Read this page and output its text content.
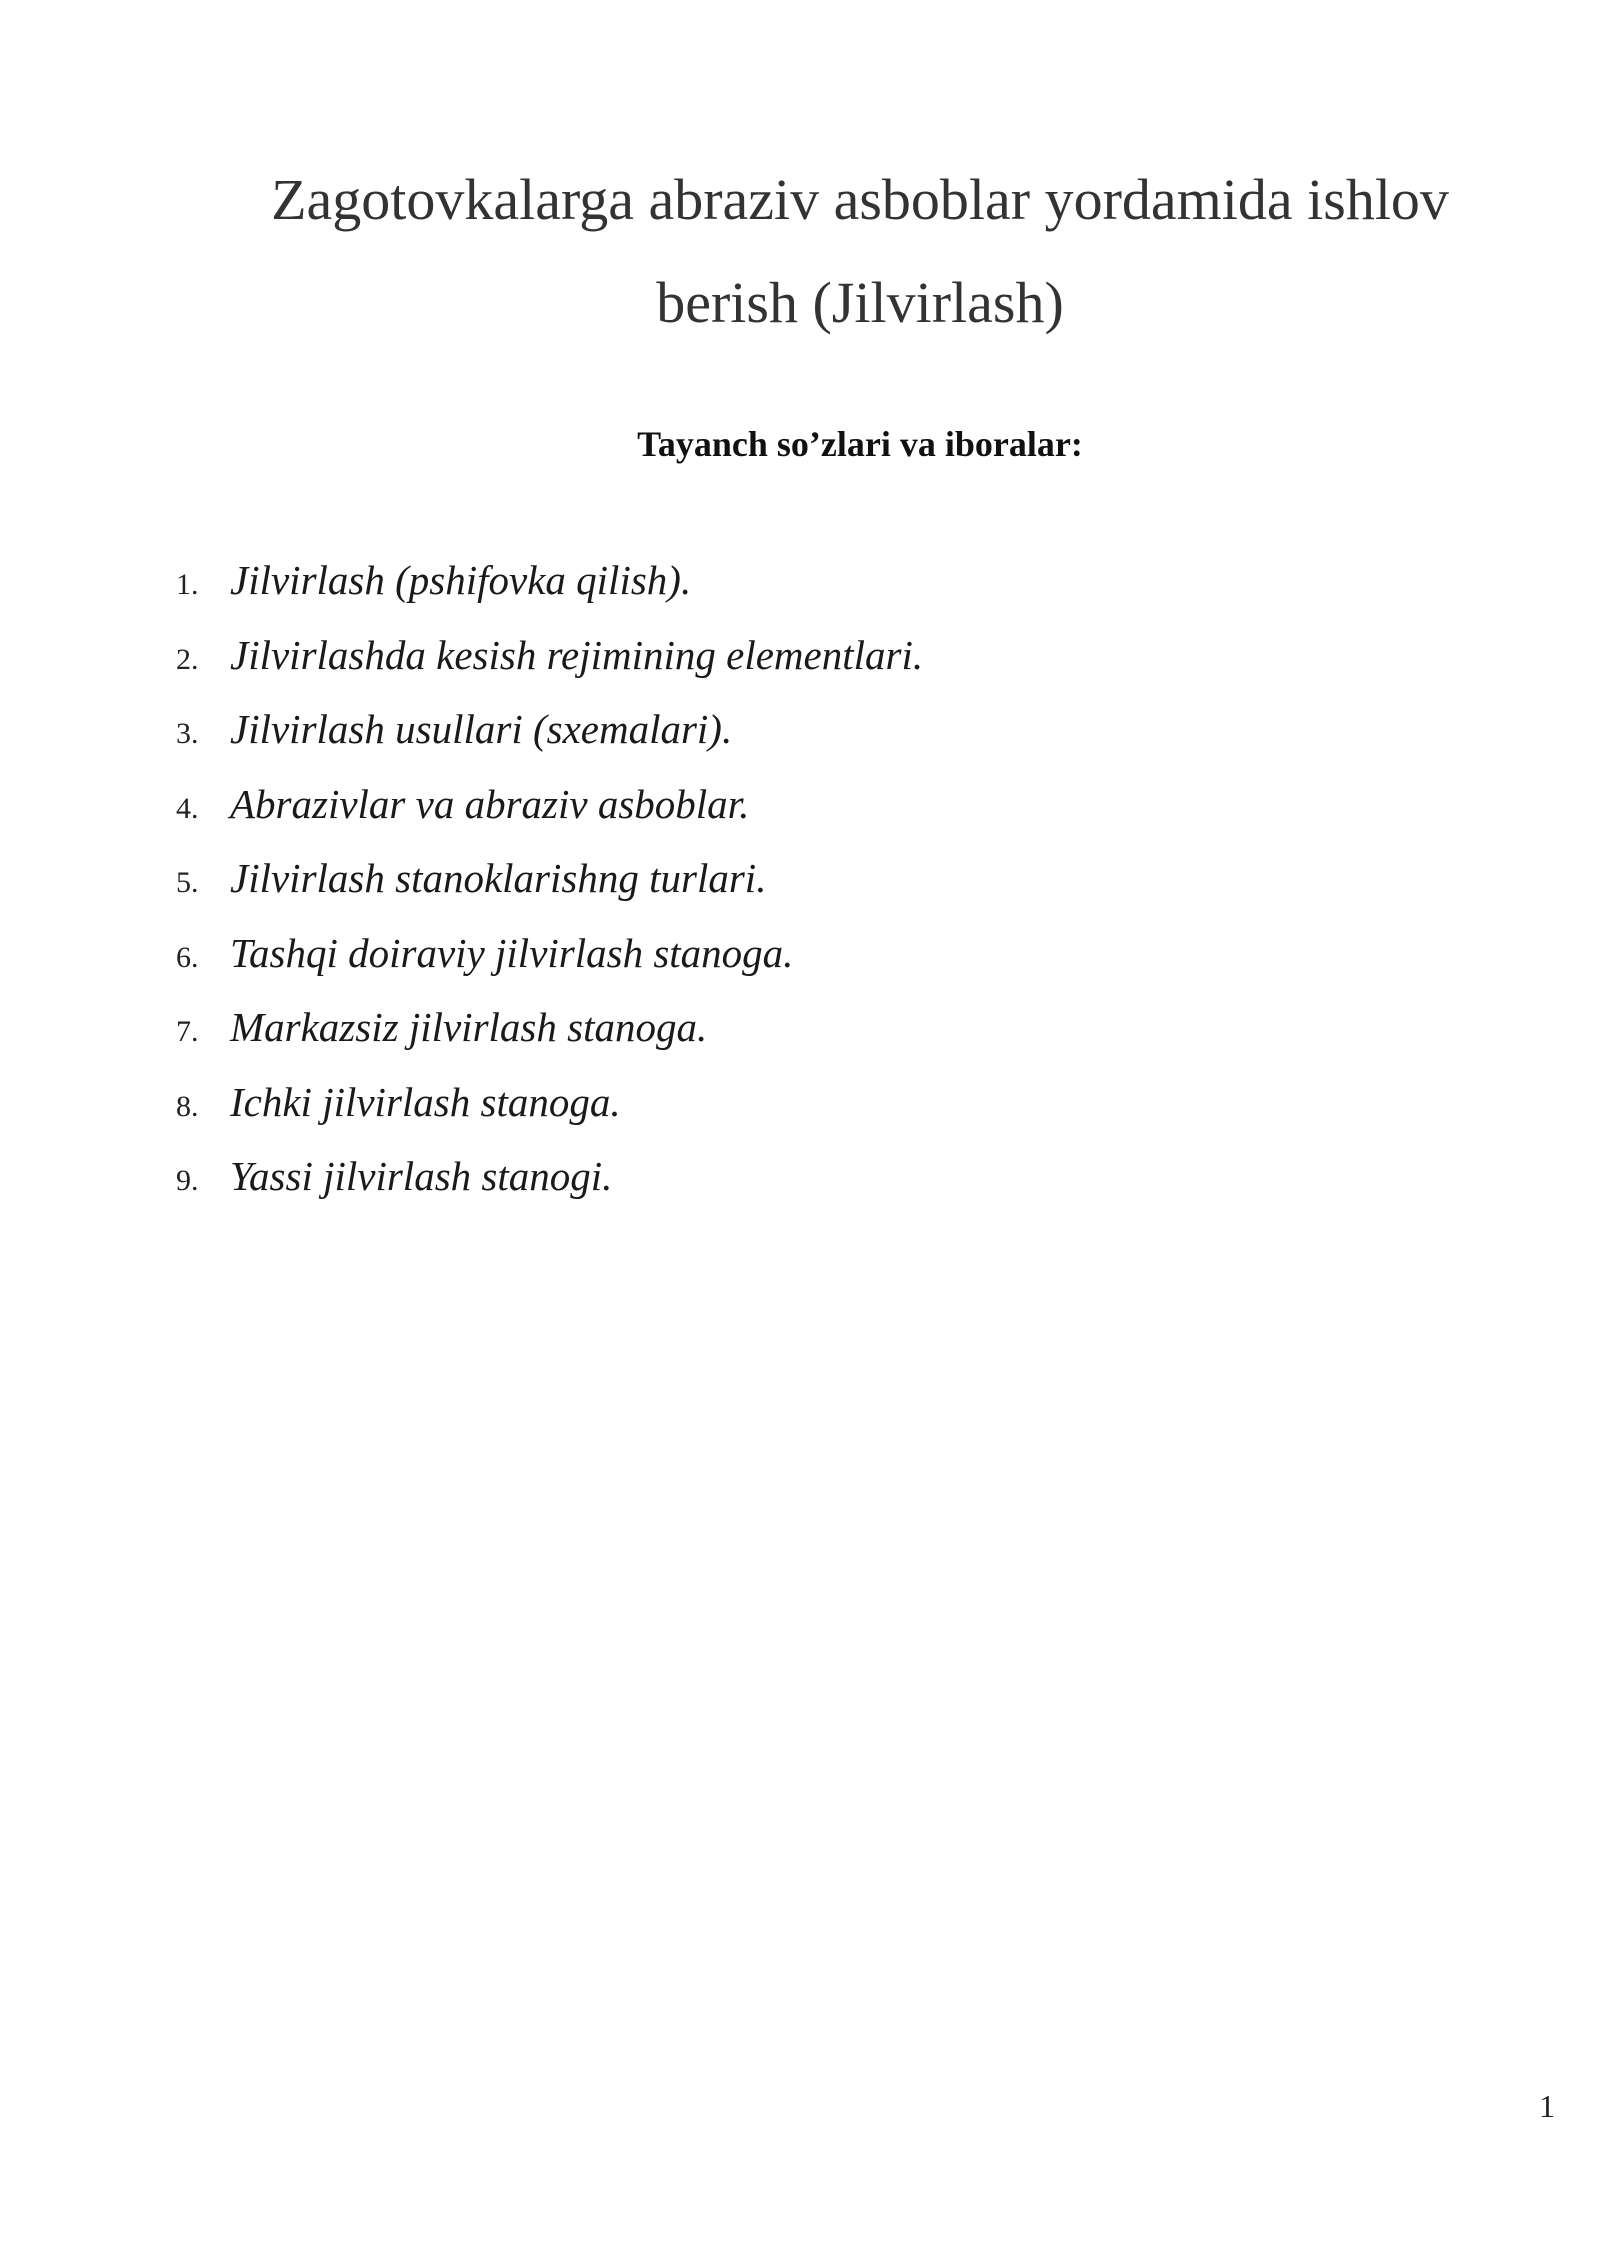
Zagotovkalarga abraziv asboblar yordamida ishlov berish (Jilvirlash)
Tayanch so’zlari va iboralar:
1. Jilvirlash (pshifovka qilish).
2. Jilvirlashda kesish rejimining elementlari.
3. Jilvirlash usullari (sxemalari).
4. Abrazivlar va abraziv asboblar.
5. Jilvirlash stanoklarishng turlari.
6. Tashqi doiraviy jilvirlash stanoga.
7. Markazsiz jilvirlash stanoga.
8. Ichki jilvirlash stanoga.
9. Yassi jilvirlash stanogi.
1
